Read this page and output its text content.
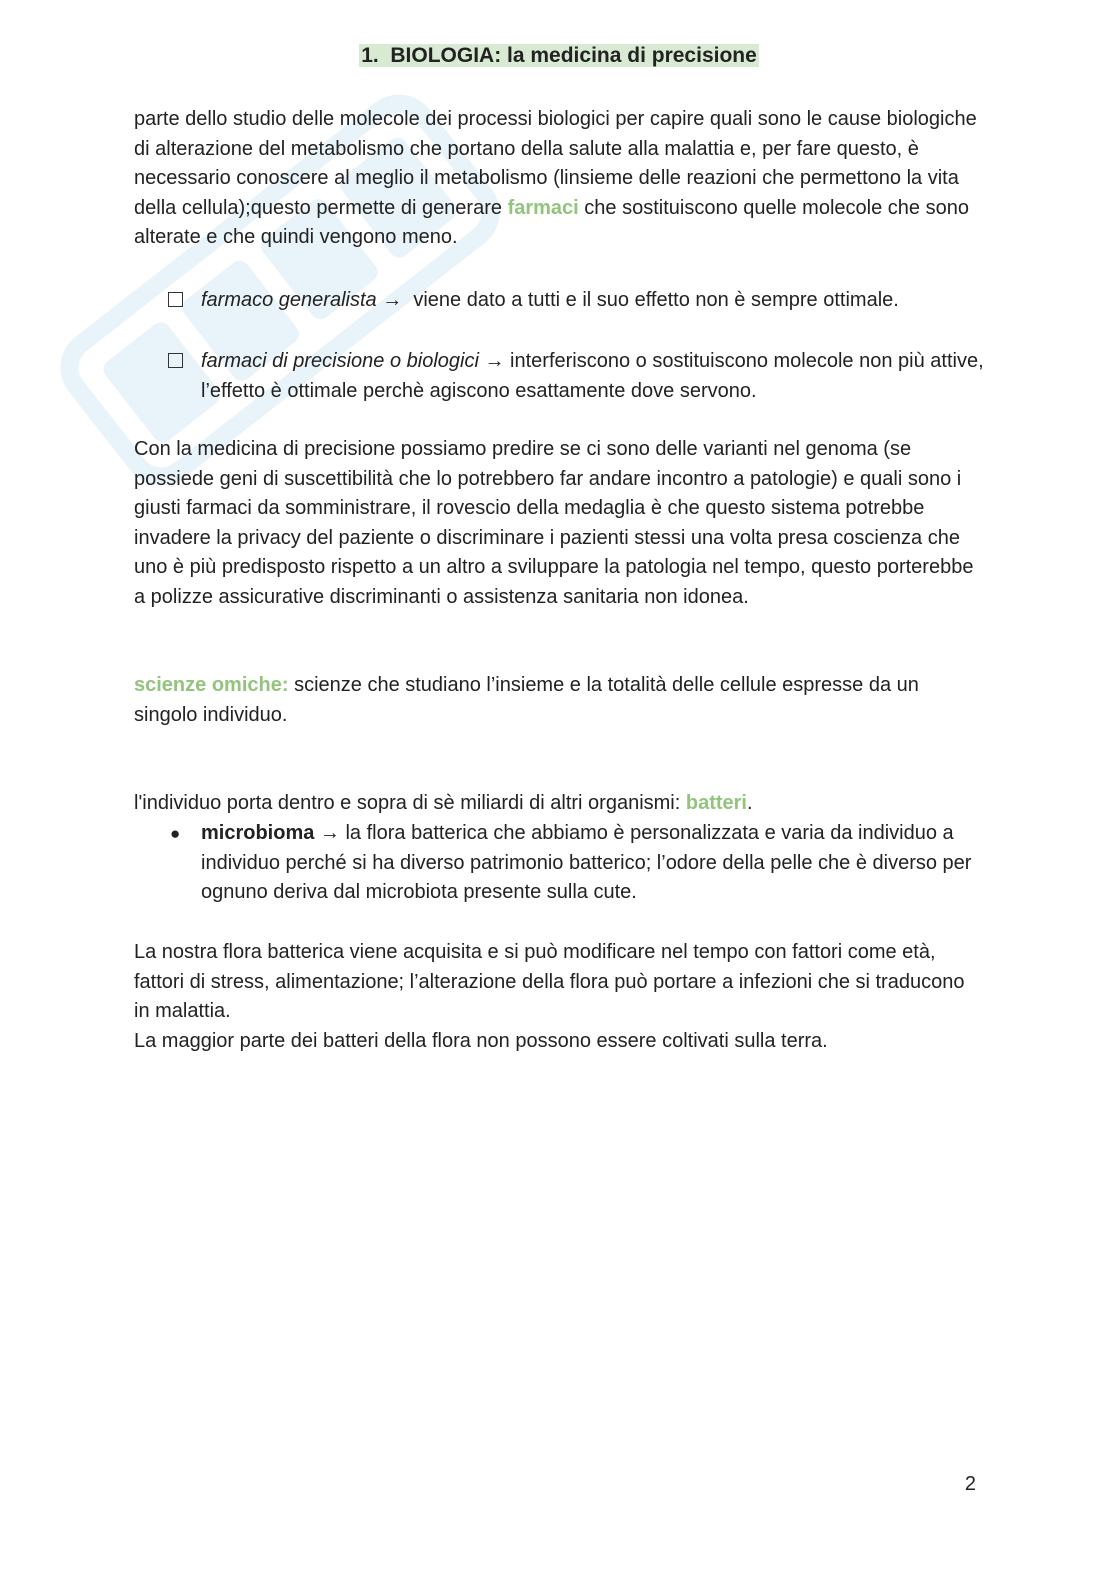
1. BIOLOGIA: la medicina di precisione
parte dello studio delle molecole dei processi biologici per capire quali sono le cause biologiche di alterazione del metabolismo che portano della salute alla malattia e, per fare questo, è necessario conoscere al meglio il metabolismo (linsieme delle reazioni che permettono la vita della cellula);questo permette di generare farmaci che sostituiscono quelle molecole che sono alterate e che quindi vengono meno.
farmaco generalista → viene dato a tutti e il suo effetto non è sempre ottimale.
farmaci di precisione o biologici → interferiscono o sostituiscono molecole non più attive, l’effetto è ottimale perchè agiscono esattamente dove servono.
Con la medicina di precisione possiamo predire se ci sono delle varianti nel genoma (se possiede geni di suscettibilità che lo potrebbero far andare incontro a patologie) e quali sono i giusti farmaci da somministrare, il rovescio della medaglia è che questo sistema potrebbe invadere la privacy del paziente o discriminare i pazienti stessi una volta presa coscienza che uno è più predisposto rispetto a un altro a sviluppare la patologia nel tempo, questo porterebbe a polizze assicurative discriminanti o assistenza sanitaria non idonea.
scienze omiche: scienze che studiano l’insieme e la totalità delle cellule espresse da un singolo individuo.
l'individuo porta dentro e sopra di sè miliardi di altri organismi: batteri.
●	microbioma → la flora batterica che abbiamo è personalizzata e varia da individuo a individuo perché si ha diverso patrimonio batterico; l’odore della pelle che è diverso per ognuno deriva dal microbiota presente sulla cute.
La nostra flora batterica viene acquisita e si può modificare nel tempo con fattori come età, fattori di stress, alimentazione; l’alterazione della flora può portare a infezioni che si traducono in malattia.
La maggior parte dei batteri della flora non possono essere coltivati sulla terra.
2
